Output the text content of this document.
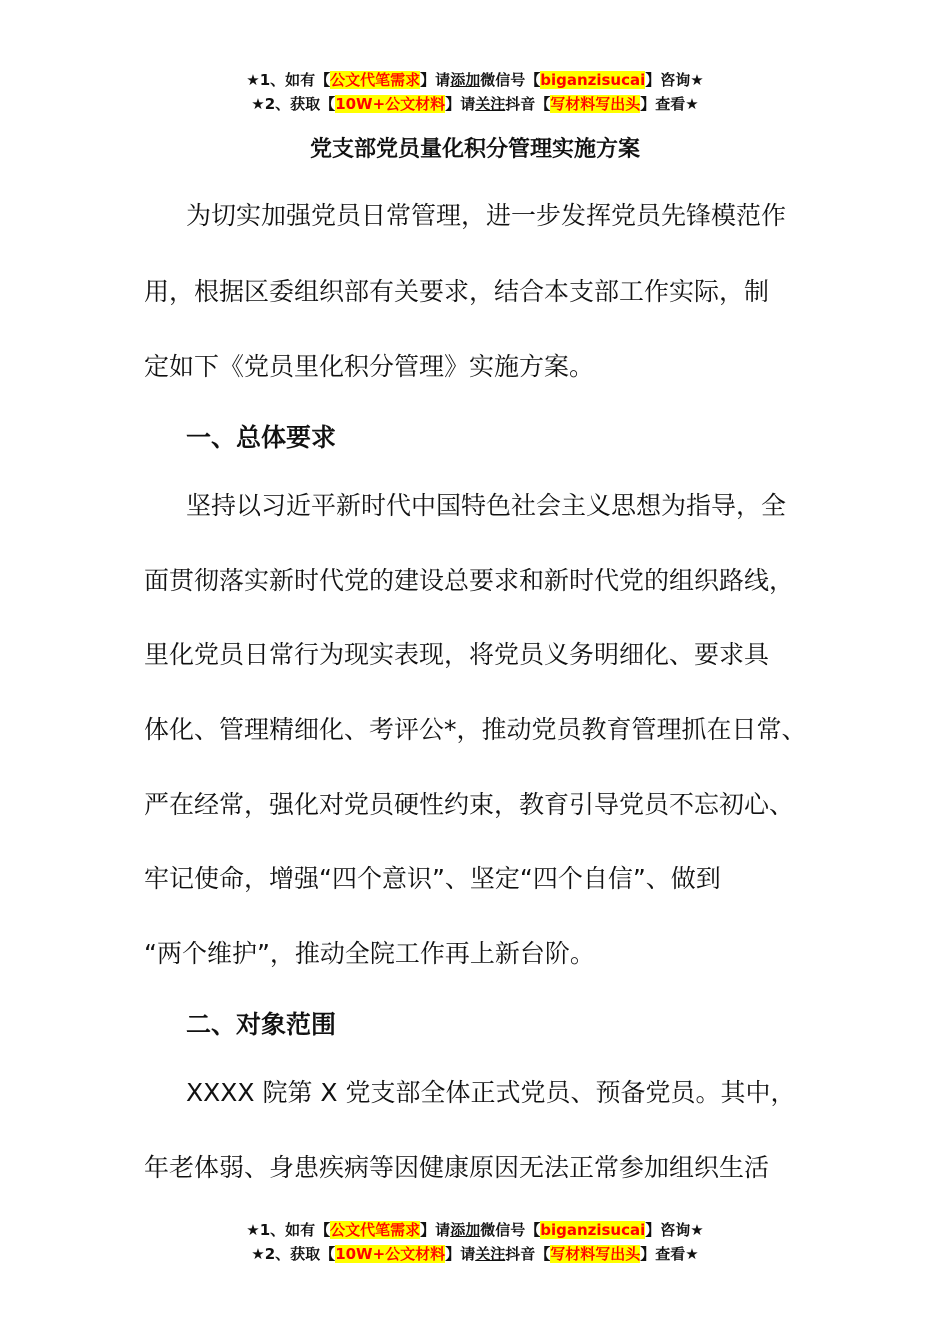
★1、如有【公文代笔需求】请添加微信号【biganzisucai】咨询★
★2、获取【10W+公文材料】请关注抖音【写材料写出头】查看★
党支部党员量化积分管理实施方案

为切实加强党员日常管理，进一步发挥党员先锋模范作

用，根据区委组织部有关要求，结合本支部工作实际，制

定如下《党员里化积分管理》实施方案。

一、总体要求

坚持以习近平新时代中国特色社会主义思想为指导，全

面贯彻落实新时代党的建设总要求和新时代党的组织路线，

里化党员日常行为现实表现，将党员义务明细化、要求具

体化、管理精细化、考评公*，推动党员教育管理抓在日常、

严在经常，强化对党员硬性约束，教育引导党员不忘初心、

牢记使命，增强“四个意识”、坚定“四个自信”、做到

“两个维护”，推动全院工作再上新台阶。

二、对象范围

XXXX 院第 X 党支部全体正式党员、预备党员。其中，

年老体弱、身患疾病等因健康原因无法正常参加组织生活

★1、如有【公文代笔需求】请添加微信号【biganzisucai】咨询★
★2、获取【10W+公文材料】请关注抖音【写材料写出头】查看★
